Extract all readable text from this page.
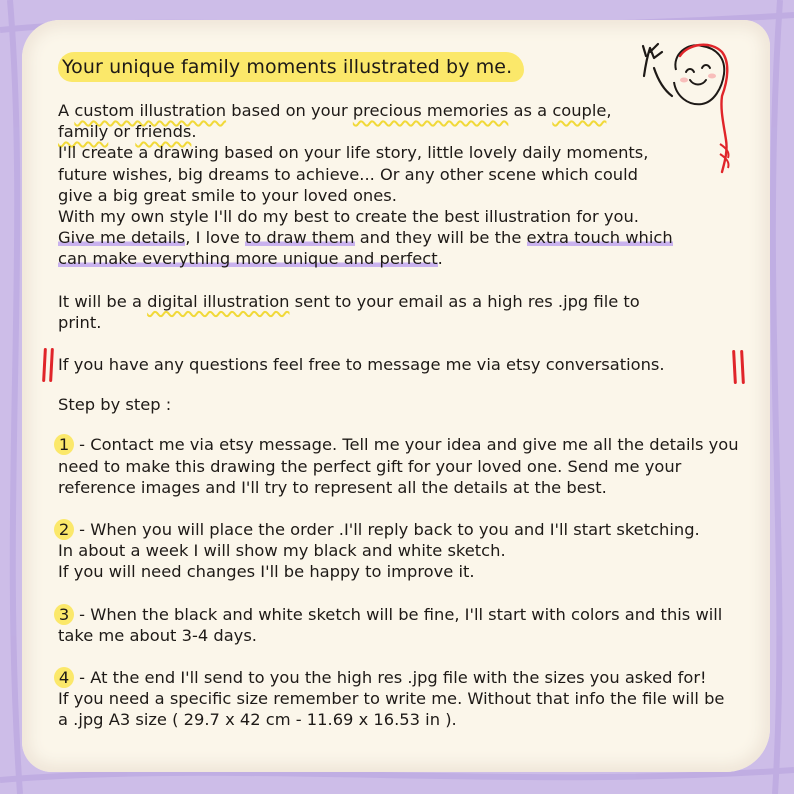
Your unique family moments illustrated by me.

A custom illustration based on your precious memories as a couple,
family or friends.
I'll create a drawing based on your life story, little lovely daily moments,
future wishes, big dreams to achieve... Or any other scene which could
give a big great smile to your loved ones.
With my own style I'll do my best to create the best illustration for you.
Give me details, I love to draw them and they will be the extra touch which
can make everything more unique and perfect.

It will be a digital illustration sent to your email as a high res .jpg file to
print.

If you have any questions feel free to message me via etsy conversations.

Step by step :

1 - Contact me via etsy message. Tell me your idea and give me all the details you
need to make this drawing the perfect gift for your loved one. Send me your
reference images and I'll try to represent all the details at the best.

2 - When you will place the order .I'll reply back to you and I'll start sketching.
In about a week I will show my black and white sketch.
If you will need changes I'll be happy to improve it.

3 - When the black and white sketch will be fine, I'll start with colors and this will
take me about 3-4 days.

4 - At the end I'll send to you the high res .jpg file with the sizes you asked for!
If you need a specific size remember to write me. Without that info the file will be
a .jpg A3 size ( 29.7 x 42 cm - 11.69 x 16.53 in ).
